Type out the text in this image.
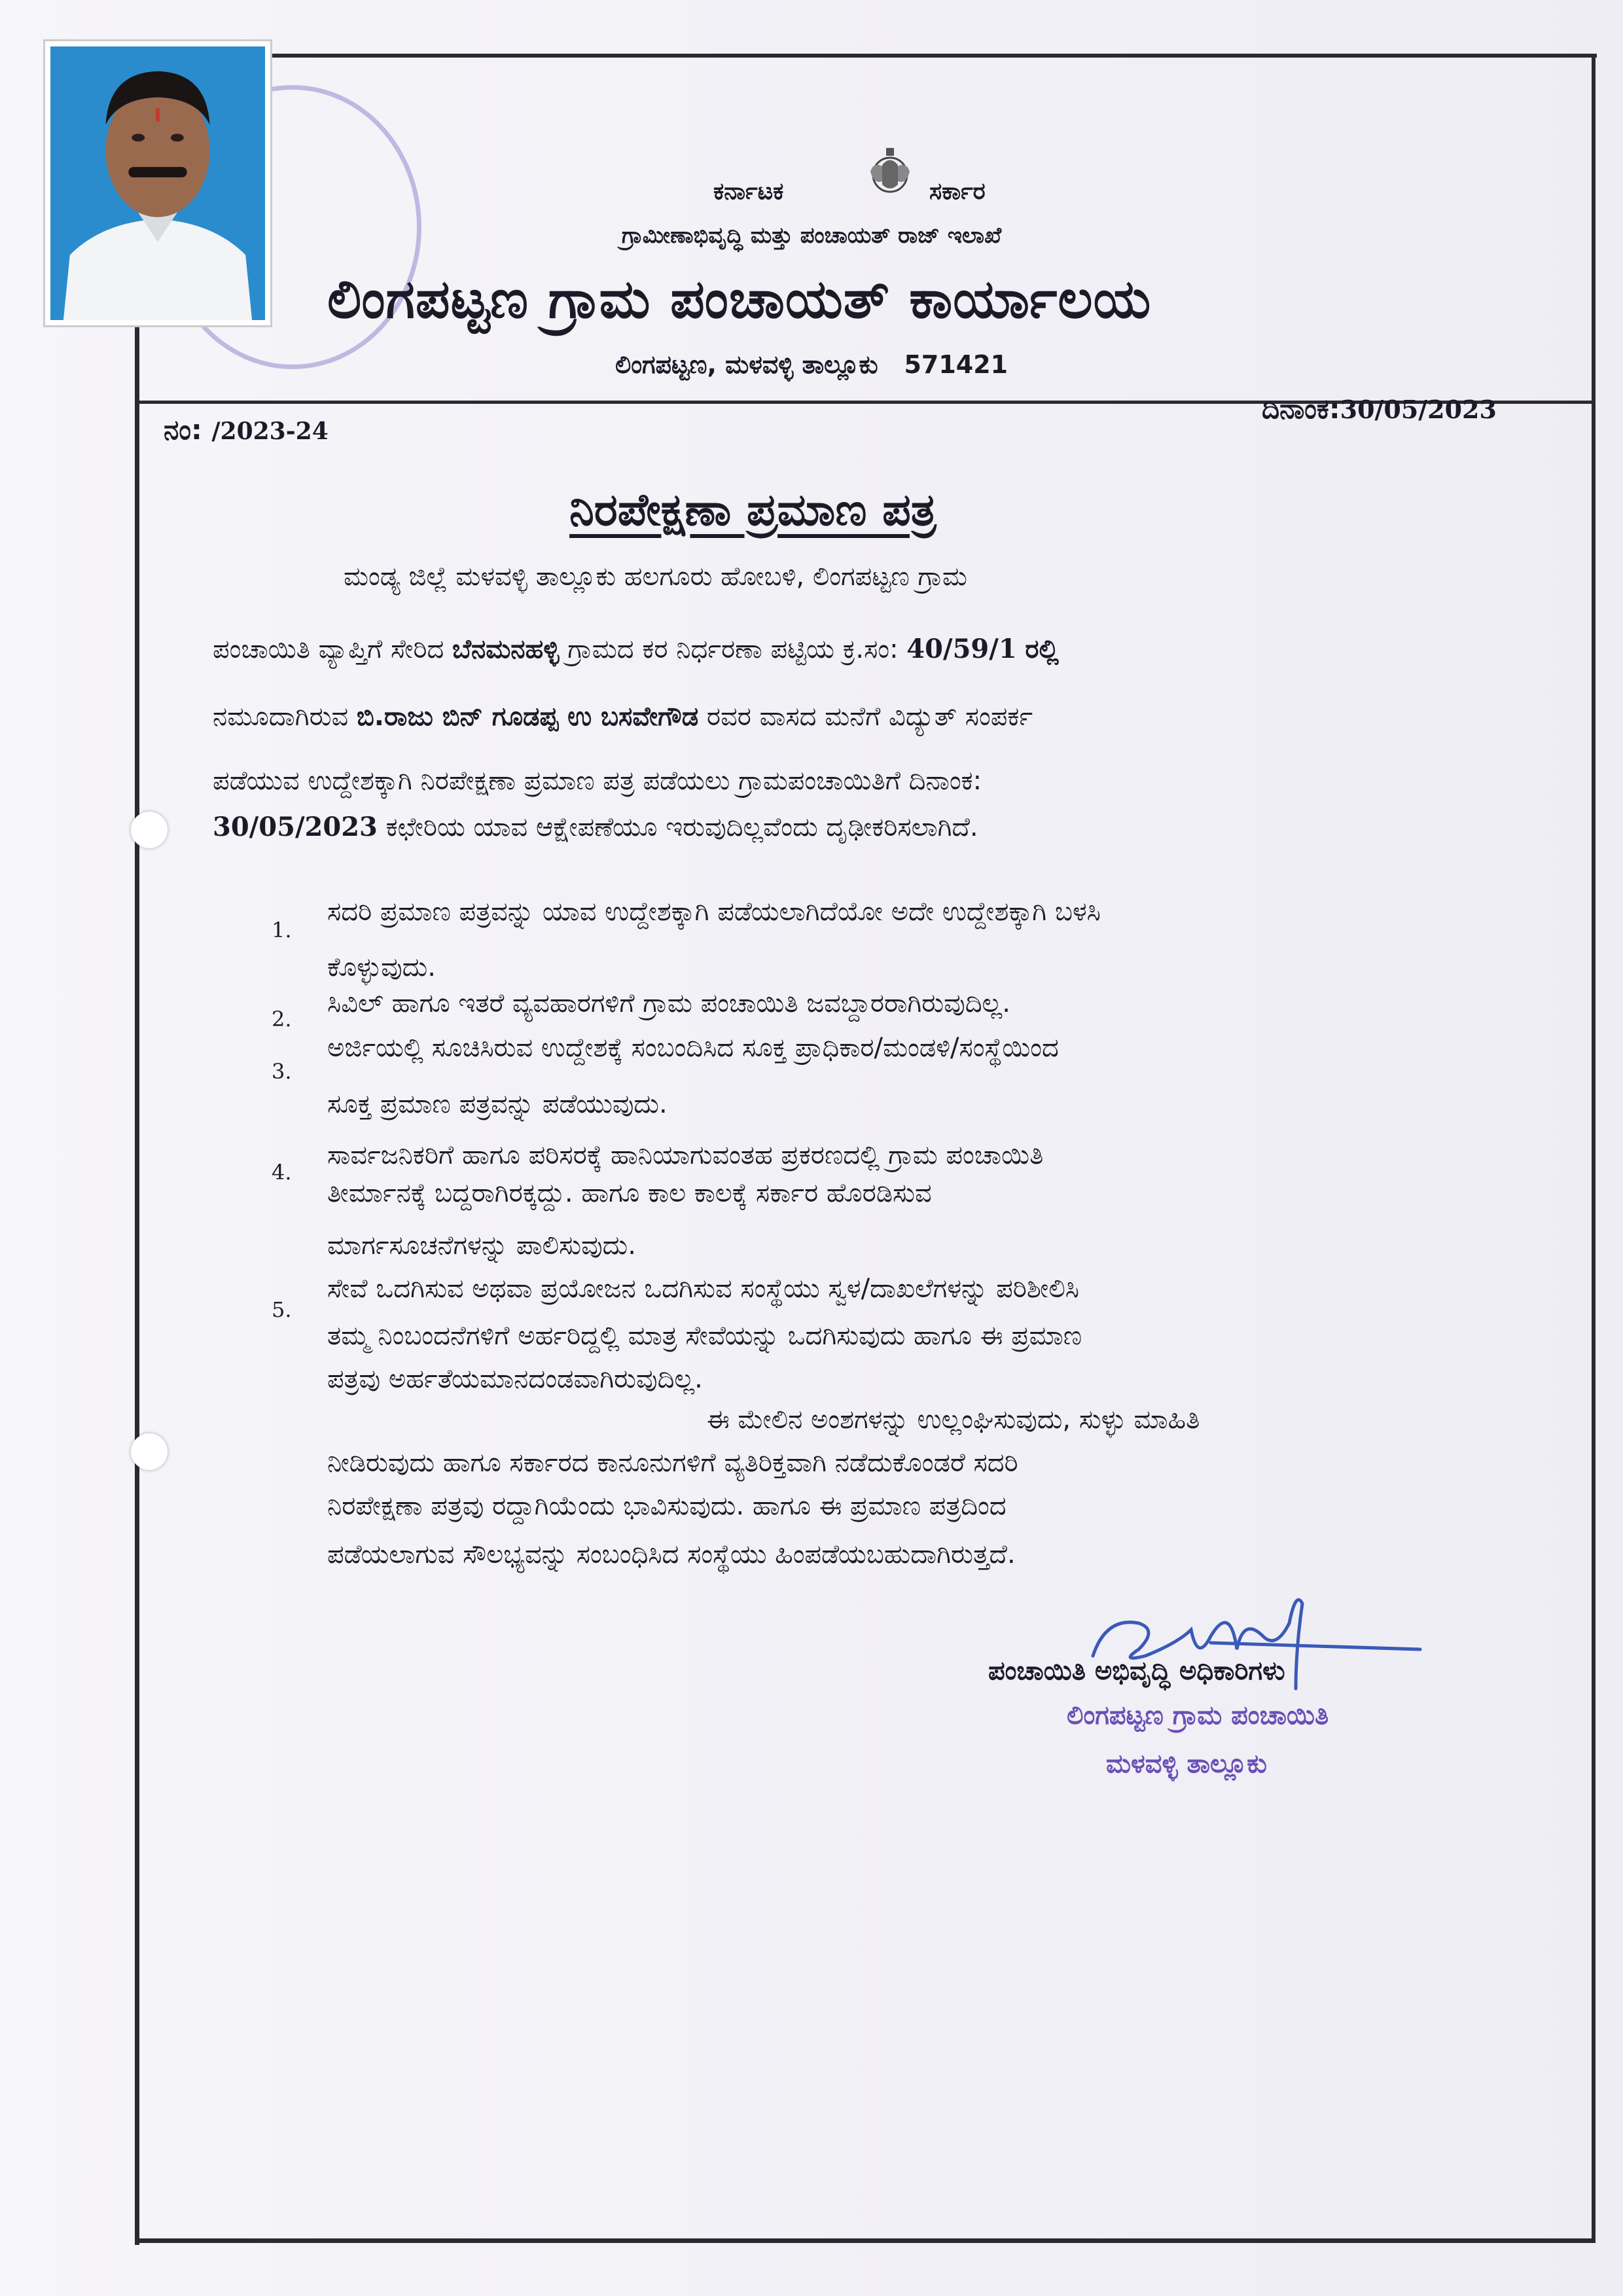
ಕರ್ನಾಟಕ	ಸರ್ಕಾರ
ಗ್ರಾಮೀಣಾಭಿವೃದ್ಧಿ ಮತ್ತು ಪಂಚಾಯತ್ ರಾಜ್ ಇಲಾಖೆ
ಲಿಂಗಪಟ್ಟಣ ಗ್ರಾಮ ಪಂಚಾಯತ್ ಕಾರ್ಯಾಲಯ
ಲಿಂಗಪಟ್ಟಣ, ಮಳವಳ್ಳಿ ತಾಲ್ಲೂಕು 571421
ನಂ: /2023-24
ದಿನಾಂಕ:30/05/2023
ನಿರಪೇಕ್ಷಣಾ ಪ್ರಮಾಣ ಪತ್ರ
ಮಂಡ್ಯ ಜಿಲ್ಲೆ ಮಳವಳ್ಳಿ ತಾಲ್ಲೂಕು ಹಲಗೂರು ಹೋಬಳಿ, ಲಿಂಗಪಟ್ಟಣ ಗ್ರಾಮ
ಪಂಚಾಯಿತಿ ವ್ಯಾಪ್ತಿಗೆ ಸೇರಿದ ಬೆನಮನಹಳ್ಳಿ ಗ್ರಾಮದ ಕರ ನಿರ್ಧರಣಾ ಪಟ್ಟಿಯ ಕ್ರ.ಸಂ: 40/59/1 ರಲ್ಲಿ
ನಮೂದಾಗಿರುವ ಬಿ.ರಾಜು ಬಿನ್ ಗೂಡಪ್ಪ ಉ ಬಸವೇಗೌಡ ರವರ ವಾಸದ ಮನೆಗೆ ವಿದ್ಯುತ್ ಸಂಪರ್ಕ
ಪಡೆಯುವ ಉದ್ದೇಶಕ್ಕಾಗಿ ನಿರಪೇಕ್ಷಣಾ ಪ್ರಮಾಣ ಪತ್ರ ಪಡೆಯಲು ಗ್ರಾಮಪಂಚಾಯಿತಿಗೆ ದಿನಾಂಕ:
30/05/2023 ಕಛೇರಿಯ ಯಾವ ಆಕ್ಷೇಪಣೆಯೂ ಇರುವುದಿಲ್ಲವೆಂದು ದೃಢೀಕರಿಸಲಾಗಿದೆ.
1.
ಸದರಿ ಪ್ರಮಾಣ ಪತ್ರವನ್ನು ಯಾವ ಉದ್ದೇಶಕ್ಕಾಗಿ ಪಡೆಯಲಾಗಿದೆಯೋ ಅದೇ ಉದ್ದೇಶಕ್ಕಾಗಿ ಬಳಸಿ
ಕೊಳ್ಳುವುದು.
2.
ಸಿವಿಲ್ ಹಾಗೂ ಇತರೆ ವ್ಯವಹಾರಗಳಿಗೆ ಗ್ರಾಮ ಪಂಚಾಯಿತಿ ಜವಬ್ದಾರರಾಗಿರುವುದಿಲ್ಲ.
3.
ಅರ್ಜಿಯಲ್ಲಿ ಸೂಚಿಸಿರುವ ಉದ್ದೇಶಕ್ಕೆ ಸಂಬಂದಿಸಿದ ಸೂಕ್ತ ಪ್ರಾಧಿಕಾರ/ಮಂಡಳಿ/ಸಂಸ್ಥೆಯಿಂದ
ಸೂಕ್ತ ಪ್ರಮಾಣ ಪತ್ರವನ್ನು ಪಡೆಯುವುದು.
4.
ಸಾರ್ವಜನಿಕರಿಗೆ ಹಾಗೂ ಪರಿಸರಕ್ಕೆ ಹಾನಿಯಾಗುವಂತಹ ಪ್ರಕರಣದಲ್ಲಿ ಗ್ರಾಮ ಪಂಚಾಯಿತಿ
ತೀರ್ಮಾನಕ್ಕೆ ಬದ್ದರಾಗಿರಕ್ಕದ್ದು. ಹಾಗೂ ಕಾಲ ಕಾಲಕ್ಕೆ ಸರ್ಕಾರ ಹೊರಡಿಸುವ
ಮಾರ್ಗಸೂಚನೆಗಳನ್ನು ಪಾಲಿಸುವುದು.
5.
ಸೇವೆ ಒದಗಿಸುವ ಅಥವಾ ಪ್ರಯೋಜನ ಒದಗಿಸುವ ಸಂಸ್ಥೆಯು ಸ್ವಳ/ದಾಖಲೆಗಳನ್ನು ಪರಿಶೀಲಿಸಿ
ತಮ್ಮ ನಿಂಬಂದನೆಗಳಿಗೆ ಅರ್ಹರಿದ್ದಲ್ಲಿ ಮಾತ್ರ ಸೇವೆಯನ್ನು ಒದಗಿಸುವುದು ಹಾಗೂ ಈ ಪ್ರಮಾಣ
ಪತ್ರವು ಅರ್ಹತೆಯಮಾನದಂಡವಾಗಿರುವುದಿಲ್ಲ.
ಈ ಮೇಲಿನ ಅಂಶಗಳನ್ನು ಉಲ್ಲಂಘಿಸುವುದು, ಸುಳ್ಳು ಮಾಹಿತಿ
ನೀಡಿರುವುದು ಹಾಗೂ ಸರ್ಕಾರದ ಕಾನೂನುಗಳಿಗೆ ವ್ಯತಿರಿಕ್ತವಾಗಿ ನಡೆದುಕೊಂಡರೆ ಸದರಿ
ನಿರಪೇಕ್ಷಣಾ ಪತ್ರವು ರದ್ದಾಗಿಯೆಂದು ಭಾವಿಸುವುದು. ಹಾಗೂ ಈ ಪ್ರಮಾಣ ಪತ್ರದಿಂದ
ಪಡೆಯಲಾಗುವ ಸೌಲಭ್ಯವನ್ನು ಸಂಬಂಧಿಸಿದ ಸಂಸ್ಥೆಯು ಹಿಂಪಡೆಯಬಹುದಾಗಿರುತ್ತದೆ.
ಪಂಚಾಯಿತಿ ಅಭಿವೃದ್ಧಿ ಅಧಿಕಾರಿಗಳು
ಲಿಂಗಪಟ್ಟಣ ಗ್ರಾಮ ಪಂಚಾಯಿತಿ
ಮಳವಳ್ಳಿ ತಾಲ್ಲೂಕು
